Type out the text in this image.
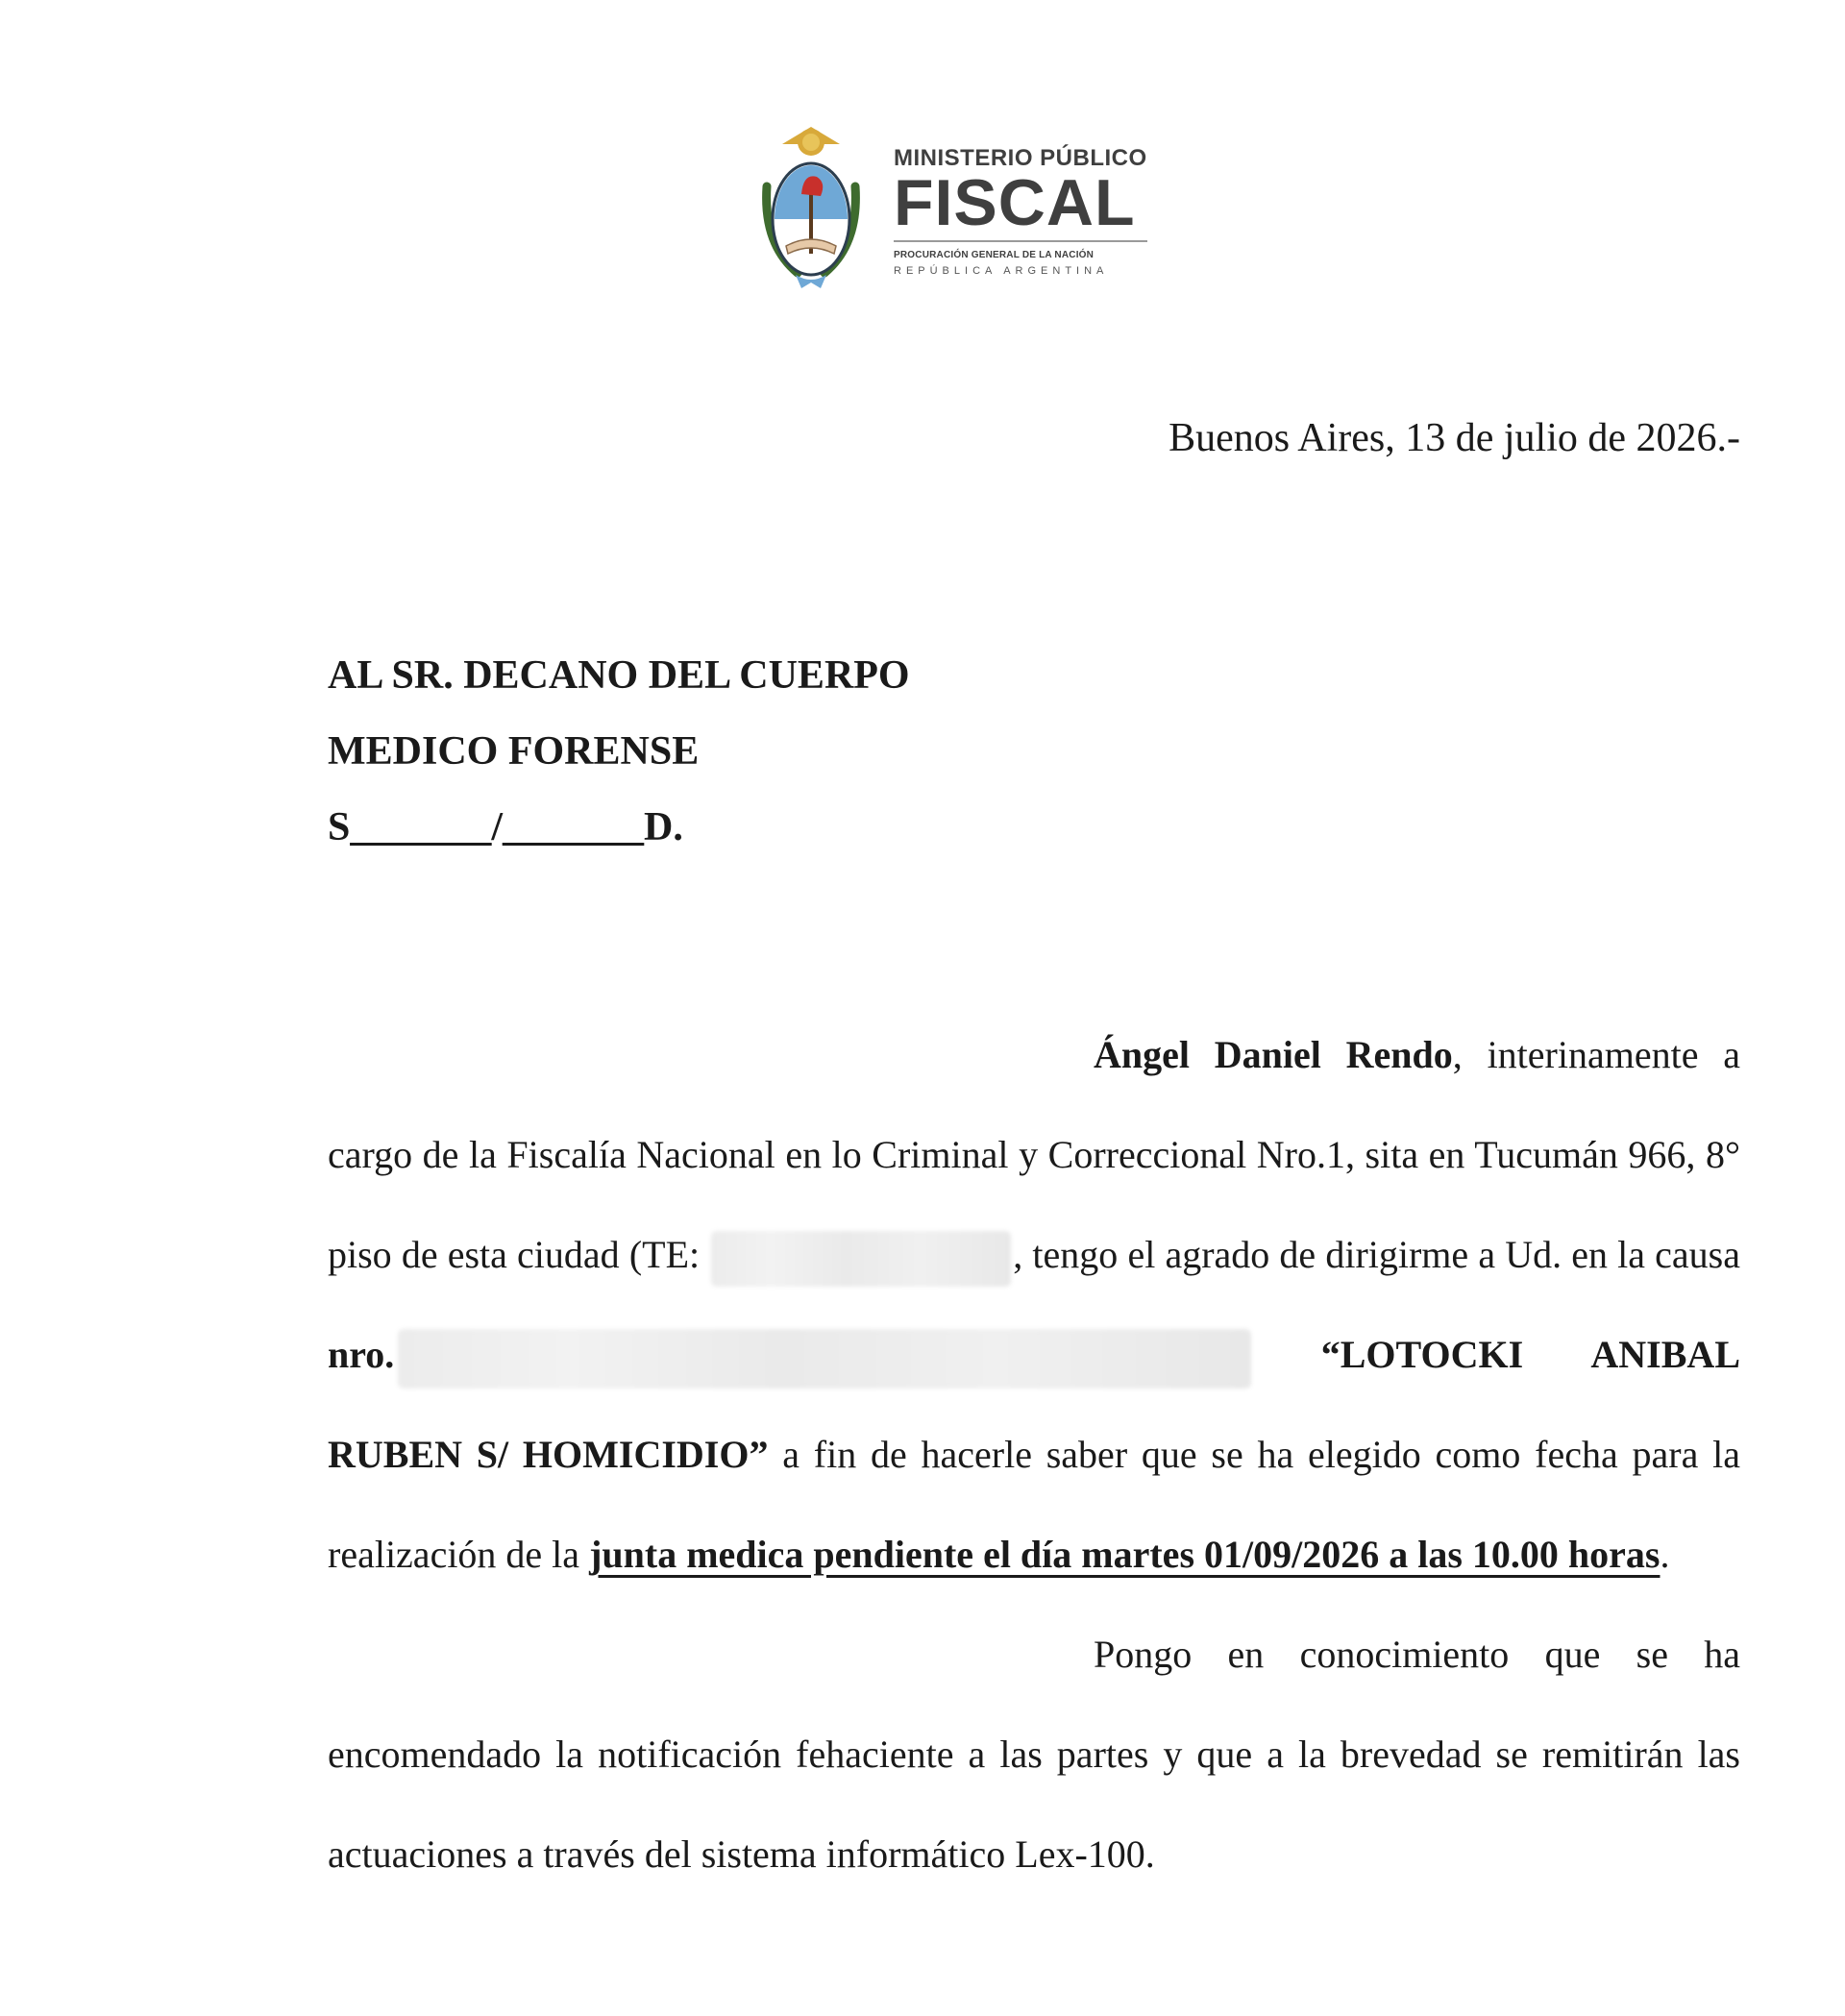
MINISTERIO PÚBLICO
FISCAL
PROCURACIÓN GENERAL DE LA NACIÓN
REPÚBLICA ARGENTINA
Buenos Aires, 13 de julio de 2026.-
AL SR. DECANO DEL CUERPO
MEDICO FORENSE
S_______/_______D.

Ángel Daniel Rendo, interinamente a cargo de la Fiscalía Nacional en lo Criminal y Correccional Nro.1, sita en Tucumán 966, 8° piso de esta ciudad (TE:	, tengo el agrado de dirigirme a Ud. en la causa nro.	“LOTOCKI ANIBAL RUBEN S/ HOMICIDIO” a fin de hacerle saber que se ha elegido como fecha para la realización de la junta medica pendiente el día martes 01/09/2026 a las 10.00 horas.

Pongo en conocimiento que se ha encomendado la notificación fehaciente a las partes y que a la brevedad se remitirán las actuaciones a través del sistema informático Lex-100.
